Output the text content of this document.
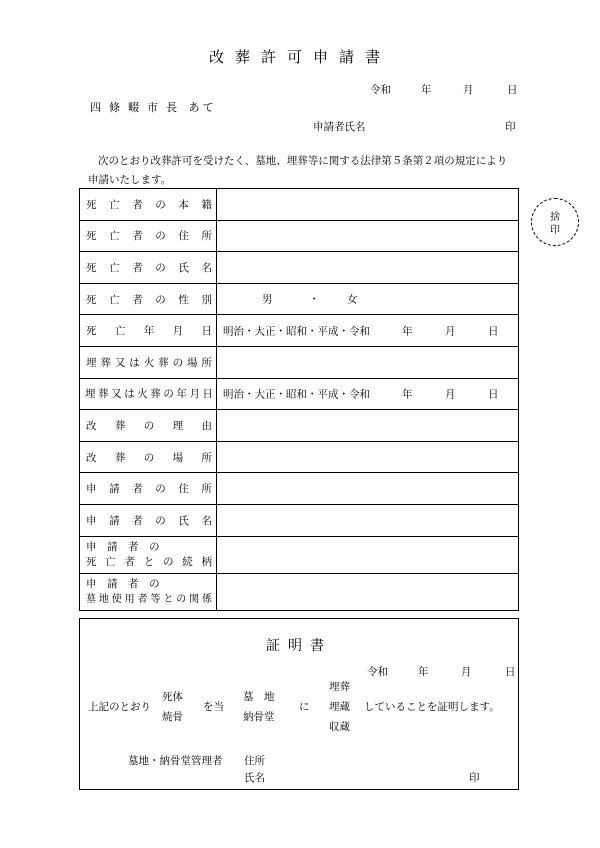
改葬許可申請書
令和	年	月	日
四條畷市長 あて
申請者氏名	印

次のとおり改葬許可を受けたく、墓地、埋葬等に関する法律第５条第２項の規定により

申請いたします。

捨
印
死亡者の本籍	

死亡者の住所	

死亡者の氏名	

死亡者の性別	男 ・ 女

死亡年月日	明治・大正・昭和・平成・令和 年 月 日

埋葬又は火葬の場所	

埋葬又は火葬の年月日	明治・大正・昭和・平成・令和 年 月 日

改葬の理由	

改葬の場所	

申請者の住所	

申請者の氏名	

申　請　者　の
死亡者との続柄	

申　請　者　の
墓地使用者等との関係	

証明書
令和	年	月	日
上記のとおり
死体
焼骨
を当
墓　地
納骨堂
に
埋葬
埋蔵
収蔵
していることを証明します。
墓地・納骨堂管理者 住所
氏名	印
